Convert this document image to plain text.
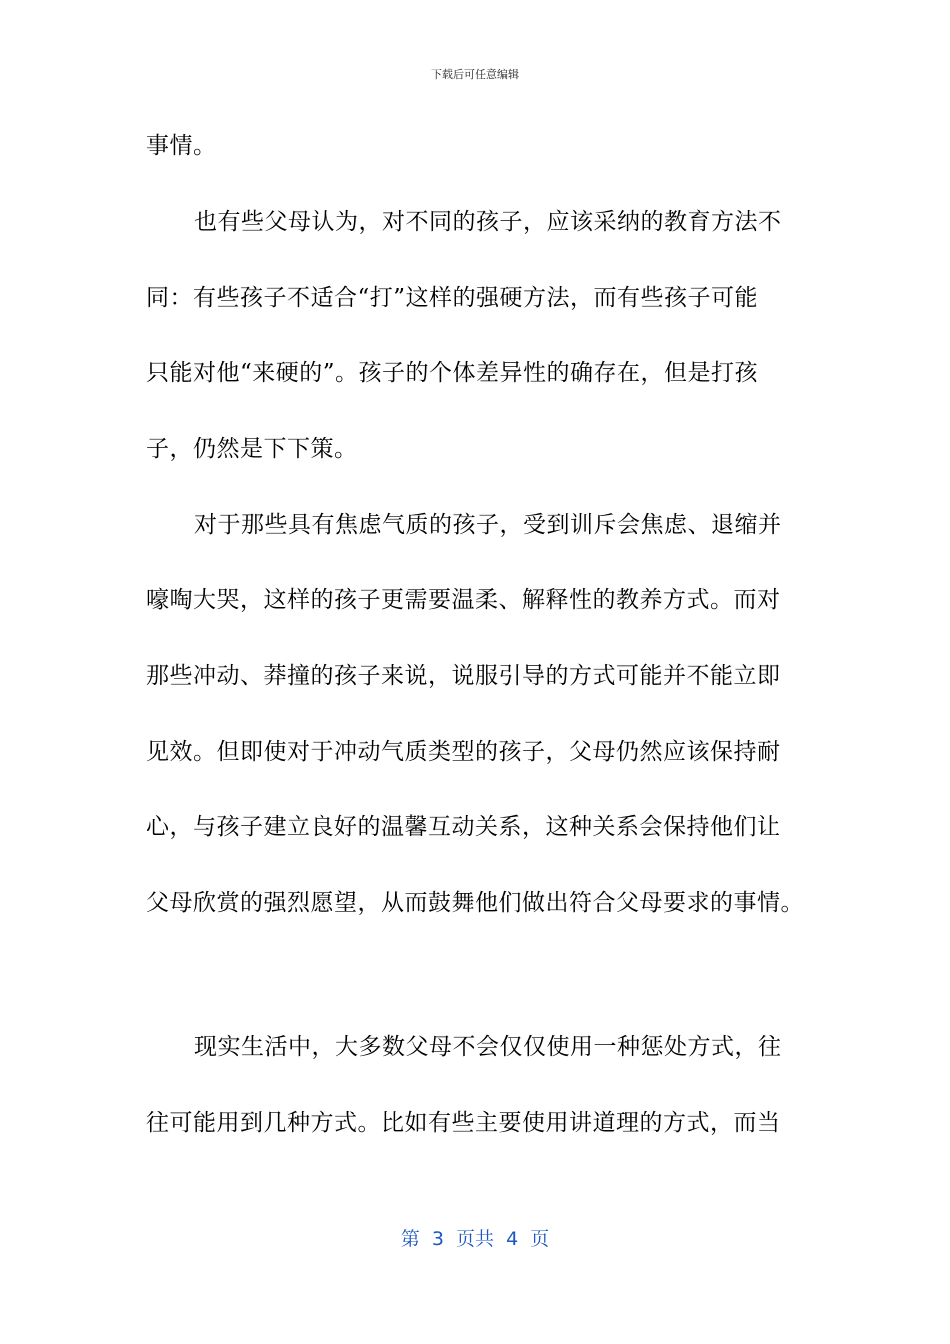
下载后可任意编辑
事情。
也有些父母认为，对不同的孩子，应该采纳的教育方法不
同：有些孩子不适合“打”这样的强硬方法，而有些孩子可能
只能对他“来硬的”。孩子的个体差异性的确存在，但是打孩
子，仍然是下下策。
对于那些具有焦虑气质的孩子，受到训斥会焦虑、退缩并
嚎啕大哭，这样的孩子更需要温柔、解释性的教养方式。而对
那些冲动、莽撞的孩子来说，说服引导的方式可能并不能立即
见效。但即使对于冲动气质类型的孩子，父母仍然应该保持耐
心，与孩子建立良好的温馨互动关系，这种关系会保持他们让
父母欣赏的强烈愿望，从而鼓舞他们做出符合父母要求的事情。
现实生活中，大多数父母不会仅仅使用一种惩处方式，往
往可能用到几种方式。比如有些主要使用讲道理的方式，而当
第  3  页共  4  页
